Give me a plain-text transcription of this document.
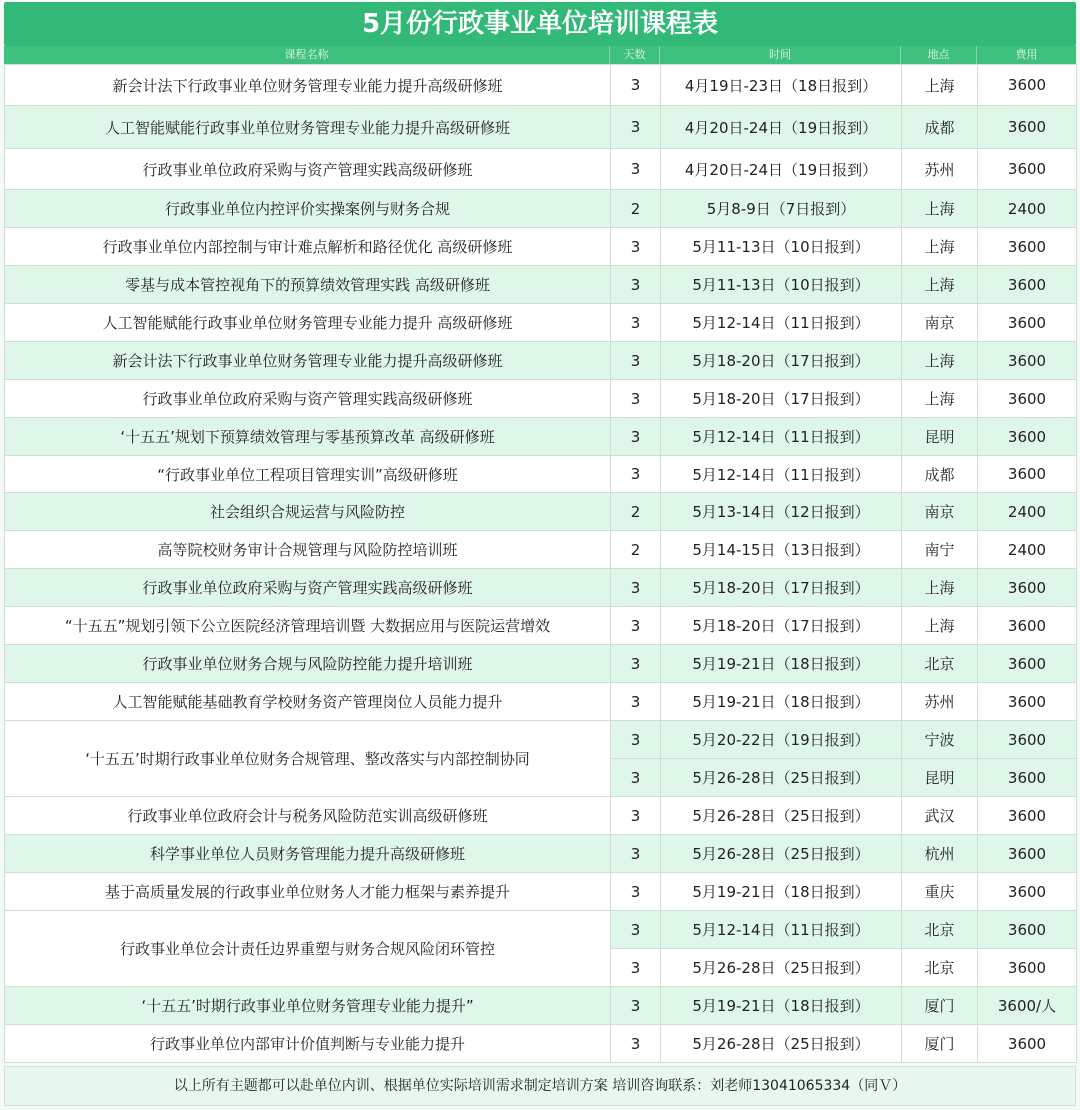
5月份行政事业单位培训课程表
课程名称	天数	时间	地点	费用
新会计法下行政事业单位财务管理专业能力提升高级研修班	3	4月19日-23日（18日报到）	上海	3600
人工智能赋能行政事业单位财务管理专业能力提升高级研修班	3	4月20日-24日（19日报到）	成都	3600
行政事业单位政府采购与资产管理实践高级研修班	3	4月20日-24日（19日报到）	苏州	3600
行政事业单位内控评价实操案例与财务合规	2	5月8-9日（7日报到）	上海	2400
行政事业单位内部控制与审计难点解析和路径优化 高级研修班	3	5月11-13日（10日报到）	上海	3600
零基与成本管控视角下的预算绩效管理实践 高级研修班	3	5月11-13日（10日报到）	上海	3600
人工智能赋能行政事业单位财务管理专业能力提升 高级研修班	3	5月12-14日（11日报到）	南京	3600
新会计法下行政事业单位财务管理专业能力提升高级研修班	3	5月18-20日（17日报到）	上海	3600
行政事业单位政府采购与资产管理实践高级研修班	3	5月18-20日（17日报到）	上海	3600
‘十五五’规划下预算绩效管理与零基预算改革 高级研修班	3	5月12-14日（11日报到）	昆明	3600
“行政事业单位工程项目管理实训”高级研修班	3	5月12-14日（11日报到）	成都	3600
社会组织合规运营与风险防控	2	5月13-14日（12日报到）	南京	2400
高等院校财务审计合规管理与风险防控培训班	2	5月14-15日（13日报到）	南宁	2400
行政事业单位政府采购与资产管理实践高级研修班	3	5月18-20日（17日报到）	上海	3600
“十五五”规划引领下公立医院经济管理培训暨 大数据应用与医院运营增效	3	5月18-20日（17日报到）	上海	3600
行政事业单位财务合规与风险防控能力提升培训班	3	5月19-21日（18日报到）	北京	3600
人工智能赋能基础教育学校财务资产管理岗位人员能力提升	3	5月19-21日（18日报到）	苏州	3600
‘十五五’时期行政事业单位财务合规管理、整改落实与内部控制协同	3	5月20-22日（19日报到）	宁波	3600
	3	5月26-28日（25日报到）	昆明	3600
行政事业单位政府会计与税务风险防范实训高级研修班	3	5月26-28日（25日报到）	武汉	3600
科学事业单位人员财务管理能力提升高级研修班	3	5月26-28日（25日报到）	杭州	3600
基于高质量发展的行政事业单位财务人才能力框架与素养提升	3	5月19-21日（18日报到）	重庆	3600
行政事业单位会计责任边界重塑与财务合规风险闭环管控	3	5月12-14日（11日报到）	北京	3600
	3	5月26-28日（25日报到）	北京	3600
‘十五五’时期行政事业单位财务管理专业能力提升”	3	5月19-21日（18日报到）	厦门	3600/人
行政事业单位内部审计价值判断与专业能力提升	3	5月26-28日（25日报到）	厦门	3600
以上所有主题都可以赴单位内训、根据单位实际培训需求制定培训方案 培训咨询联系：刘老师13041065334（同Ｖ）
